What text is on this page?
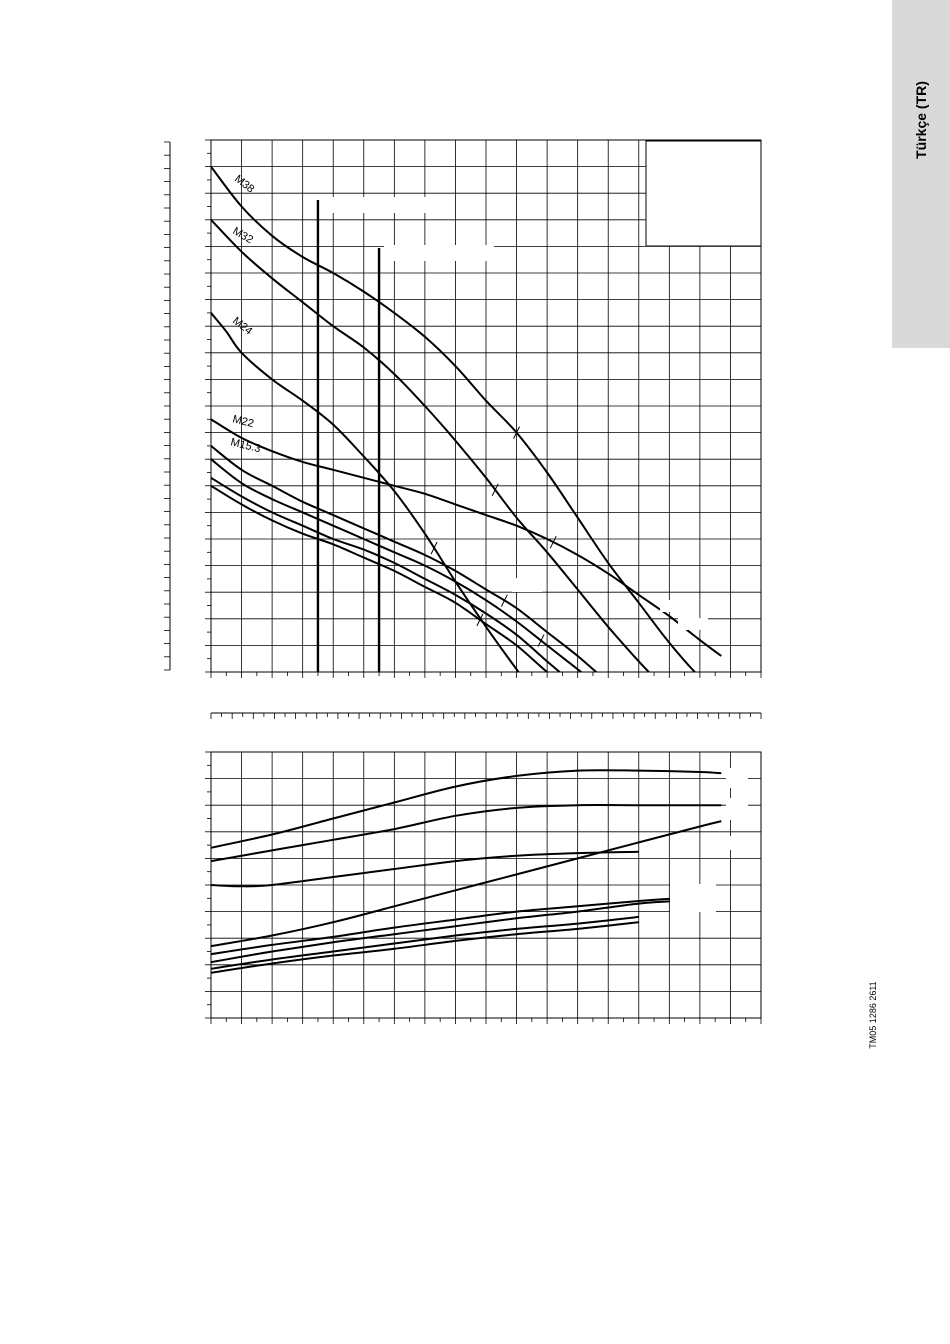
Türkçe (TR)
M38
M32
M24
M22
M15.3
TM05 1286 2611
